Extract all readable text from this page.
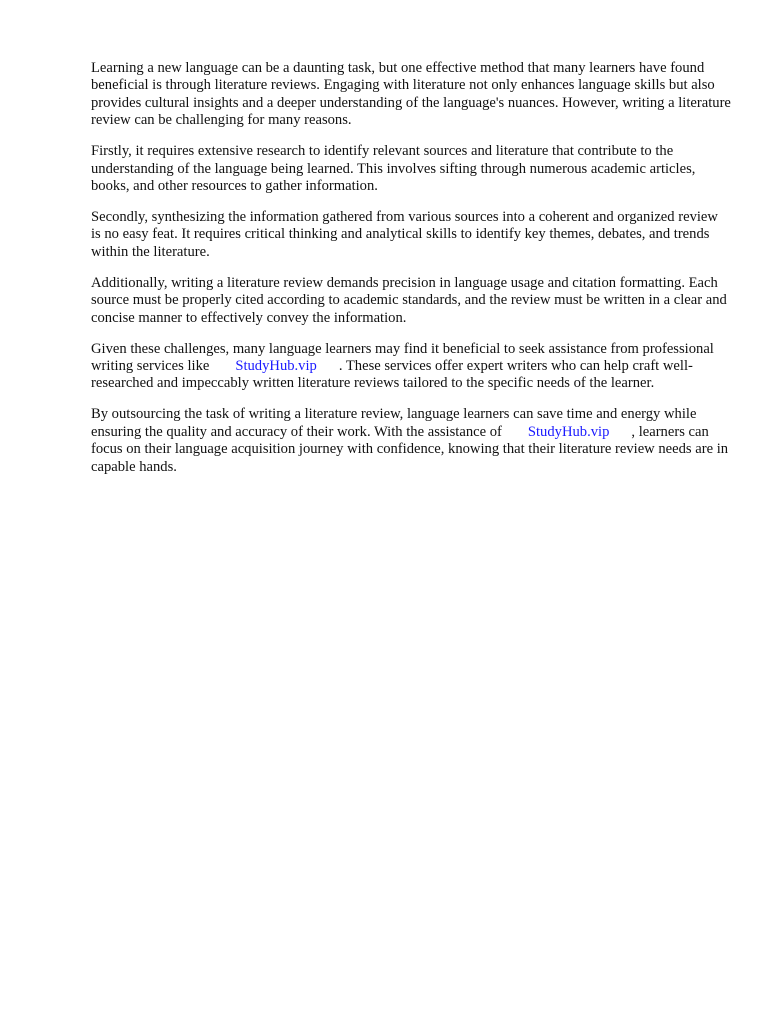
Learning a new language can be a daunting task, but one effective method that many learners have found beneficial is through literature reviews. Engaging with literature not only enhances language skills but also provides cultural insights and a deeper understanding of the language's nuances. However, writing a literature review can be challenging for many reasons.

Firstly, it requires extensive research to identify relevant sources and literature that contribute to the understanding of the language being learned. This involves sifting through numerous academic articles, books, and other resources to gather information.

Secondly, synthesizing the information gathered from various sources into a coherent and organized review is no easy feat. It requires critical thinking and analytical skills to identify key themes, debates, and trends within the literature.

Additionally, writing a literature review demands precision in language usage and citation formatting. Each source must be properly cited according to academic standards, and the review must be written in a clear and concise manner to effectively convey the information.

Given these challenges, many language learners may find it beneficial to seek assistance from professional writing services like StudyHub.vip . These services offer expert writers who can help craft well-researched and impeccably written literature reviews tailored to the specific needs of the learner.

By outsourcing the task of writing a literature review, language learners can save time and energy while ensuring the quality and accuracy of their work. With the assistance of StudyHub.vip , learners can focus on their language acquisition journey with confidence, knowing that their literature review needs are in capable hands.
